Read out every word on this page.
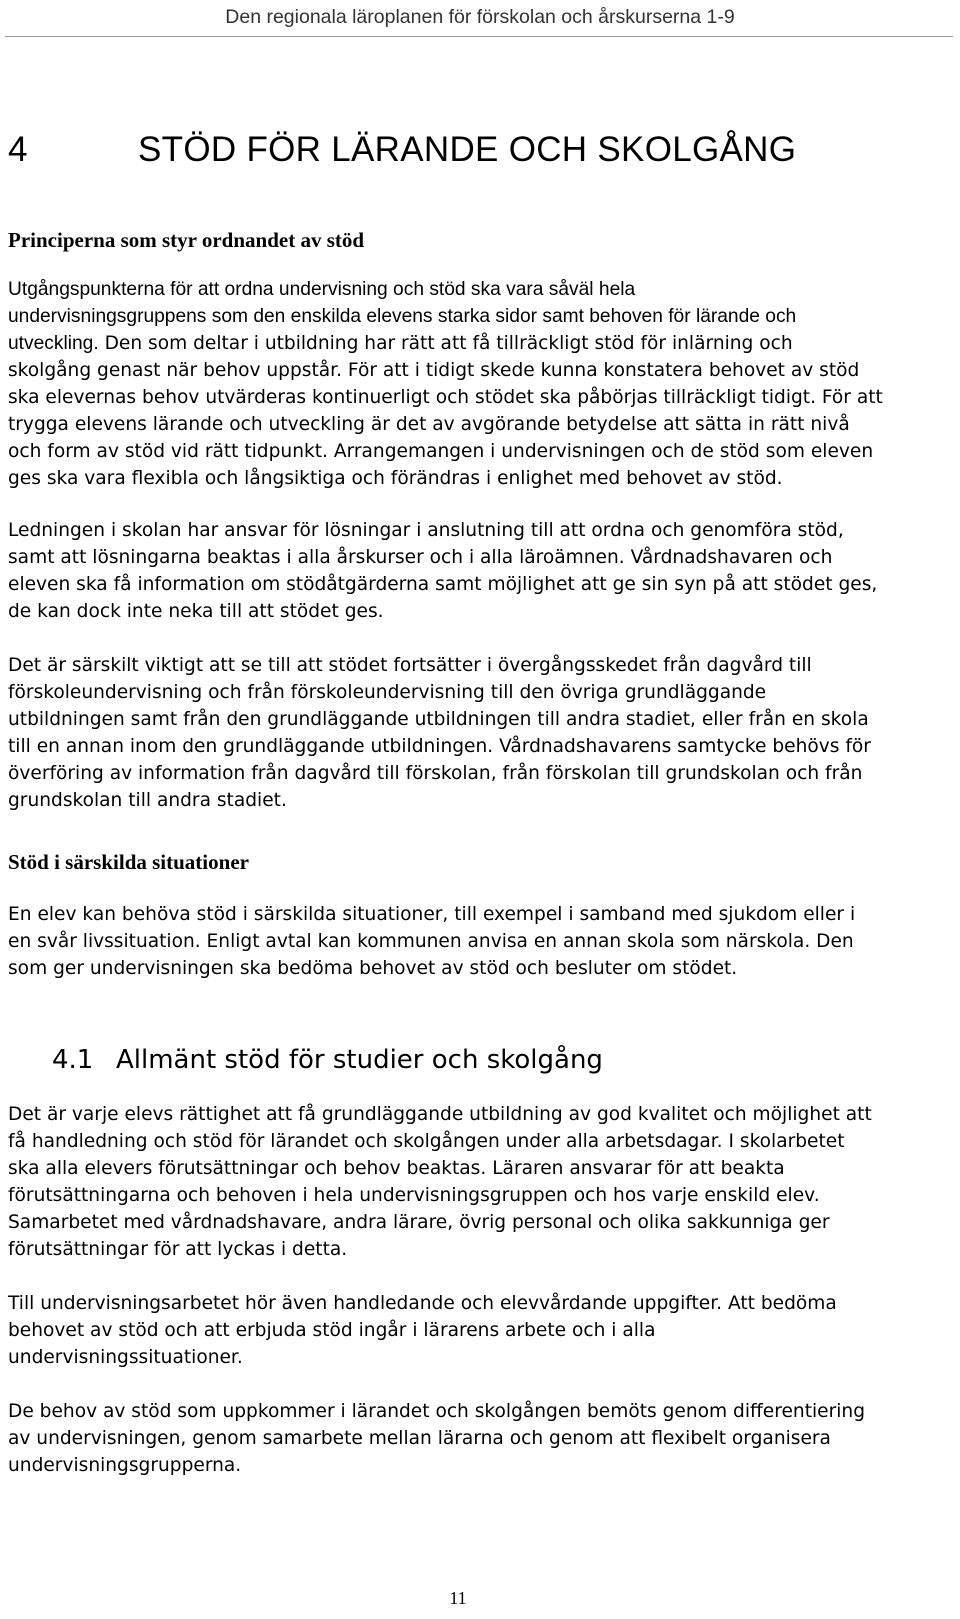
Den regionala läroplanen för förskolan och årskurserna 1-9
4	STÖD FÖR LÄRANDE OCH SKOLGÅNG
Principerna som styr ordnandet av stöd
Utgångspunkterna för att ordna undervisning och stöd ska vara såväl hela
undervisningsgruppens som den enskilda elevens starka sidor samt behoven för lärande och
utveckling. Den som deltar i utbildning har rätt att få tillräckligt stöd för inlärning och
skolgång genast när behov uppstår. För att i tidigt skede kunna konstatera behovet av stöd
ska elevernas behov utvärderas kontinuerligt och stödet ska påbörjas tillräckligt tidigt. För att
trygga elevens lärande och utveckling är det av avgörande betydelse att sätta in rätt nivå
och form av stöd vid rätt tidpunkt. Arrangemangen i undervisningen och de stöd som eleven
ges ska vara flexibla och långsiktiga och förändras i enlighet med behovet av stöd.
Ledningen i skolan har ansvar för lösningar i anslutning till att ordna och genomföra stöd,
samt att lösningarna beaktas i alla årskurser och i alla läroämnen. Vårdnadshavaren och
eleven ska få information om stödåtgärderna samt möjlighet att ge sin syn på att stödet ges,
de kan dock inte neka till att stödet ges.
Det är särskilt viktigt att se till att stödet fortsätter i övergångsskedet från dagvård till
förskoleundervisning och från förskoleundervisning till den övriga grundläggande
utbildningen samt från den grundläggande utbildningen till andra stadiet, eller från en skola
till en annan inom den grundläggande utbildningen. Vårdnadshavarens samtycke behövs för
överföring av information från dagvård till förskolan, från förskolan till grundskolan och från
grundskolan till andra stadiet.
Stöd i särskilda situationer
En elev kan behöva stöd i särskilda situationer, till exempel i samband med sjukdom eller i
en svår livssituation. Enligt avtal kan kommunen anvisa en annan skola som närskola. Den
som ger undervisningen ska bedöma behovet av stöd och besluter om stödet.
4.1 Allmänt stöd för studier och skolgång
Det är varje elevs rättighet att få grundläggande utbildning av god kvalitet och möjlighet att
få handledning och stöd för lärandet och skolgången under alla arbetsdagar. I skolarbetet
ska alla elevers förutsättningar och behov beaktas. Läraren ansvarar för att beakta
förutsättningarna och behoven i hela undervisningsgruppen och hos varje enskild elev.
Samarbetet med vårdnadshavare, andra lärare, övrig personal och olika sakkunniga ger
förutsättningar för att lyckas i detta.
Till undervisningsarbetet hör även handledande och elevvårdande uppgifter. Att bedöma
behovet av stöd och att erbjuda stöd ingår i lärarens arbete och i alla
undervisningssituationer.
De behov av stöd som uppkommer i lärandet och skolgången bemöts genom differentiering
av undervisningen, genom samarbete mellan lärarna och genom att flexibelt organisera
undervisningsgrupperna.
11
